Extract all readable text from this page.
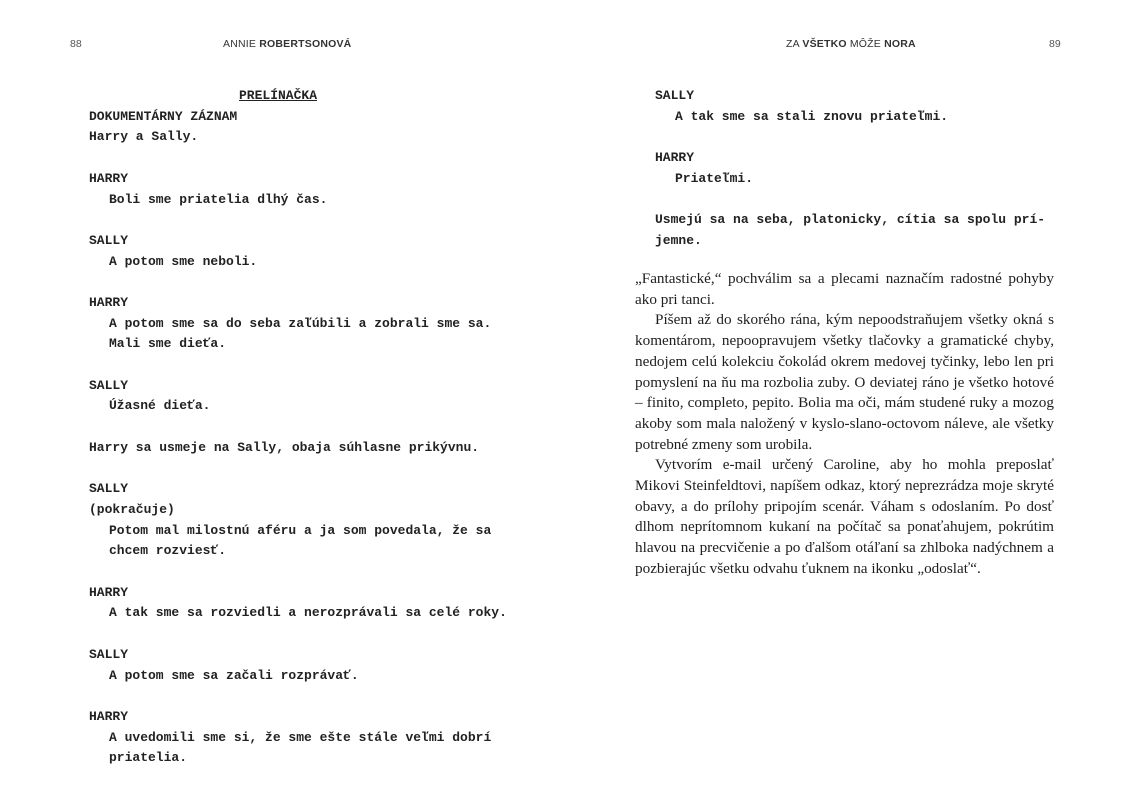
88	ANNIE ROBERTSONOVÁ
PRELÍNAČKA
DOKUMENTÁRNY ZÁZNAM
Harry a Sally.
HARRY
Boli sme priatelia dlhý čas.
SALLY
A potom sme neboli.
HARRY
A potom sme sa do seba zaľúbili a zobrali sme sa.
Mali sme dieťa.
SALLY
Úžasné dieťa.
Harry sa usmeje na Sally, obaja súhlasne prikývnu.
SALLY
(pokračuje)
Potom mal milostnú aféru a ja som povedala, že sa
chcem rozviesť.
HARRY
A tak sme sa rozviedli a nerozprávali sa celé roky.
SALLY
A potom sme sa začali rozprávať.
HARRY
A uvedomili sme si, že sme ešte stále veľmi dobrí
priatelia.
ZA VŠETKO MÔŽE NORA	89
SALLY
A tak sme sa stali znovu priateľmi.
HARRY
Priateľmi.
Usmejú sa na seba, platonicky, cítia sa spolu prí-
jemne.

„Fantastické,“ pochválim sa a plecami naznačím radostné pohyby ako pri tanci.

Píšem až do skorého rána, kým nepoodstraňujem všetky okná s komentárom, nepoopravujem všetky tlačovky a gramatické chyby, nedojem celú kolekciu čokolád okrem medovej tyčinky, lebo len pri pomyslení na ňu ma rozbolia zuby. O deviatej ráno je všetko hotové – finito, completo, pepito. Bolia ma oči, mám studené ruky a mozog akoby som mala naložený v kyslo-slano-octovom náleve, ale všetky potrebné zmeny som urobila.

Vytvorím e-mail určený Caroline, aby ho mohla preposlať Mikovi Steinfeldtovi, napíšem odkaz, ktorý neprezrádza moje skryté obavy, a do prílohy pripojím scenár. Váham s odoslaním. Po dosť dlhom neprítomnom kukaní na počítač sa ponaťahujem, pokrútim hlavou na precvičenie a po ďalšom otáľaní sa zhlboka nadýchnem a pozbierajúc všetku odvahu ťuknem na ikonku „odoslať“.
